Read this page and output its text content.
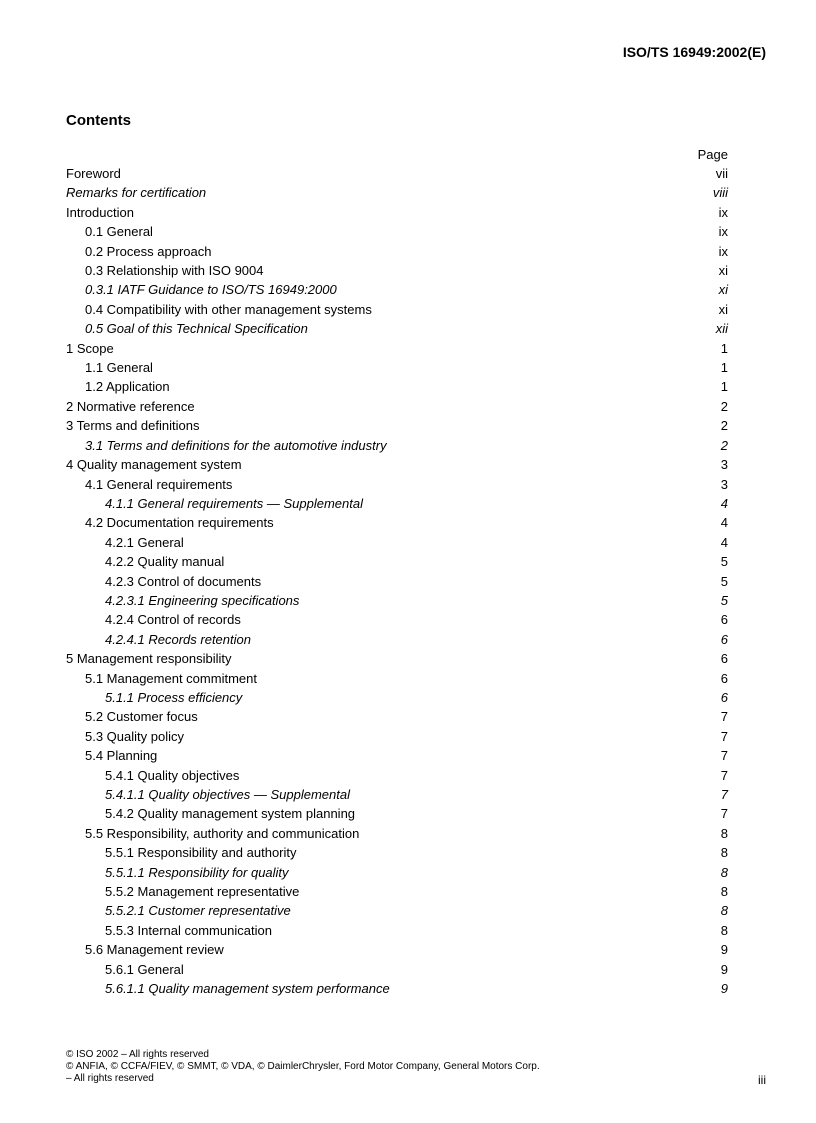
ISO/TS 16949:2002(E)
Contents
Page
Foreword	vii
Remarks for certification	viii
Introduction	ix
0.1 General	ix
0.2 Process approach	ix
0.3 Relationship with ISO 9004	xi
0.3.1 IATF Guidance to ISO/TS 16949:2000	xi
0.4 Compatibility with other management systems	xi
0.5 Goal of this Technical Specification	xii
1 Scope	1
1.1 General	1
1.2 Application	1
2 Normative reference	2
3 Terms and definitions	2
3.1 Terms and definitions for the automotive industry	2
4 Quality management system	3
4.1 General requirements	3
4.1.1 General requirements — Supplemental	4
4.2 Documentation requirements	4
4.2.1 General	4
4.2.2 Quality manual	5
4.2.3 Control of documents	5
4.2.3.1 Engineering specifications	5
4.2.4 Control of records	6
4.2.4.1 Records retention	6
5 Management responsibility	6
5.1 Management commitment	6
5.1.1 Process efficiency	6
5.2 Customer focus	7
5.3 Quality policy	7
5.4 Planning	7
5.4.1 Quality objectives	7
5.4.1.1 Quality objectives — Supplemental	7
5.4.2 Quality management system planning	7
5.5 Responsibility, authority and communication	8
5.5.1 Responsibility and authority	8
5.5.1.1 Responsibility for quality	8
5.5.2 Management representative	8
5.5.2.1 Customer representative	8
5.5.3 Internal communication	8
5.6 Management review	9
5.6.1 General	9
5.6.1.1 Quality management system performance	9
© ISO 2002 – All rights reserved
© ANFIA, © CCFA/FIEV, © SMMT, © VDA, © DaimlerChrysler, Ford Motor Company, General Motors Corp.
– All rights reserved	iii
